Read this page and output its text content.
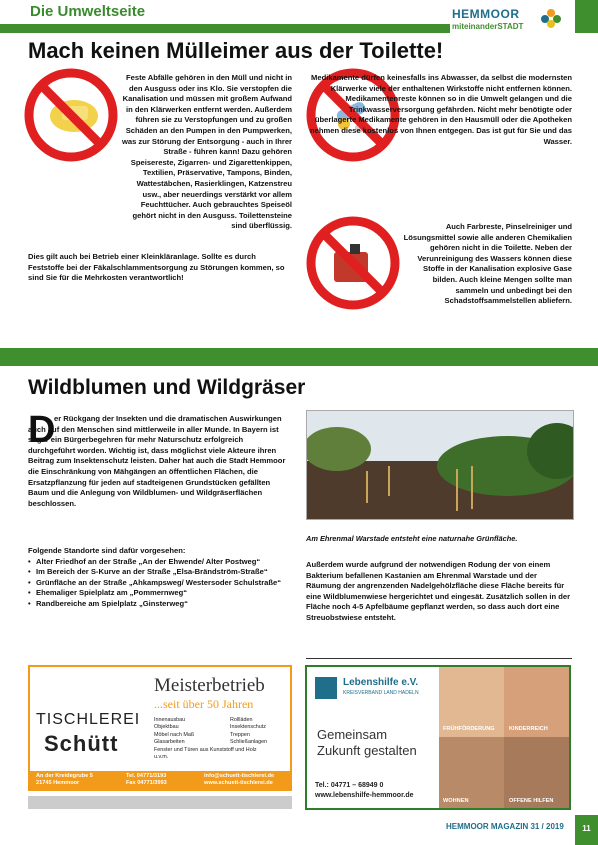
Die Umweltseite	HEMMOOR
miteinanderSTADT
Mach keinen Mülleimer aus der Toilette!
Feste Abfälle gehören in den Müll und nicht in den Ausguss oder ins Klo. Sie verstopfen die Kanalisation und müssen mit großem Aufwand in den Klärwerken entfernt werden. Außerdem führen sie zu Verstopfungen und zu großen Schäden an den Pumpen in den Pumpwerken, was zur Störung der Entsorgung - auch in Ihrer Straße - führen kann! Dazu gehören Speisereste, Zigarren- und Zigarettenkippen, Textilien, Präservative, Tampons, Binden, Wattestäbchen, Rasierklingen, Katzenstreu usw., aber neuerdings verstärkt vor allem Feuchttücher. Auch gebrauchtes Speiseöl gehört nicht in den Ausguss. Toilettensteine sind überflüssig.
Dies gilt auch bei Betrieb einer Kleinkläranlage. Sollte es durch Feststoffe bei der Fäkalschlammentsorgung zu Störungen kommen, so sind Sie für die Mehrkosten verantwortlich!
Medikamente dürfen keinesfalls ins Abwasser, da selbst die modernsten Klärwerke viele der enthaltenen Wirkstoffe nicht entfernen können. Medikamentenreste können so in die Umwelt gelangen und die Trinkwasserversorgung gefährden. Nicht mehr benötigte oder überlagerte Medikamente gehören in den Hausmüll oder die Apotheken nehmen diese kostenlos von Ihnen entgegen. Das ist gut für Sie und das Wasser.
Auch Farbreste, Pinselreiniger und Lösungsmittel sowie alle anderen Chemikalien gehören nicht in die Toilette. Neben der Verunreinigung des Wassers können diese Stoffe in der Kanalisation explosive Gase bilden. Auch kleine Mengen sollte man sammeln und unbedingt bei den Schadstoffsammelstellen abliefern.
Wildblumen und Wildgräser
D
er Rückgang der Insekten und die dramatischen Auswirkungen auch auf den Menschen sind mittlerweile in aller Munde. In Bayern ist sogar ein Bürgerbegehren für mehr Naturschutz erfolgreich durchgeführt worden. Wichtig ist, dass möglichst viele Akteure ihren Beitrag zum Insektenschutz leisten. Daher hat auch die Stadt Hemmoor die Einschränkung von Mähgängen an öffentlichen Flächen, die Ersatzpflanzung für jeden auf stadteigenen Grundstücken gefällten Baum und die Anlegung von Wildblumen- und Wildgräserflächen beschlossen.
Am Ehrenmal Warstade entsteht eine naturnahe Grünfläche.
Folgende Standorte sind dafür vorgesehen:
• Alter Friedhof an der Straße „An der Ehwende/ Alter Postweg“
• Im Bereich der S-Kurve an der Straße „Elsa-Brändström-Straße“
• Grünfläche an der Straße „Ahkampsweg/ Westersoder Schulstraße“
• Ehemaliger Spielplatz am „Pommernweg“
• Randbereiche am Spielplatz „Ginsterweg“
Außerdem wurde aufgrund der notwendigen Rodung der von einem Bakterium befallenen Kastanien am Ehrenmal Warstade und der Räumung der angrenzenden Nadelgehölzfläche diese Fläche bereits für eine Wildblumenwiese hergerichtet und eingesät. Zusätzlich sollen in der Fläche noch 4-5 Apfelbäume gepflanzt werden, so dass auch dort eine Streuobstwiese entsteht.
Meisterbetrieb
...seit über 50 Jahren
TISCHLEREI
Schütt
Innenausbau
Objektbau
Möbel nach Maß
Glasarbeiten
Fenster und Türen aus Kunststoff und Holz
u.v.m.
Rollläden
Insektenschutz
Treppen
Schließanlagen
An der Kreidegrube 5
21745 Hemmoor
Tel. 04771/3193
Fax 04771/3993
info@schuett-tischlerei.de
www.schuett-tischlerei.de
Lebenshilfe e.V.
KREISVERBAND LAND HADELN
Gemeinsam
Zukunft gestalten
Tel.: 04771 – 68949 0
www.lebenshilfe-hemmoor.de
FRÜHFÖRDERUNG	KINDERREICH
WOHNEN	OFFENE HILFEN
HEMMOOR MAGAZIN 31 / 2019	11
